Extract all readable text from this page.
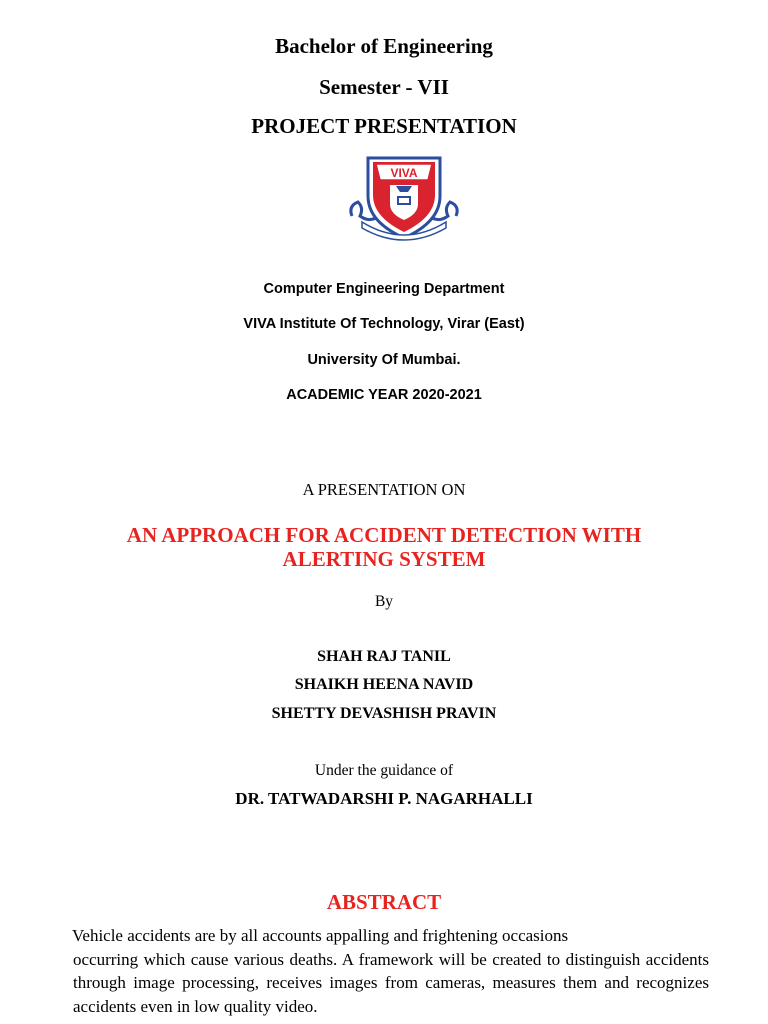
Bachelor of Engineering
Semester - VII
PROJECT PRESENTATION
VIVA
Computer Engineering Department
VIVA Institute Of Technology, Virar (East)
University Of Mumbai.
ACADEMIC YEAR 2020-2021
A PRESENTATION ON
AN APPROACH FOR ACCIDENT DETECTION WITH
ALERTING SYSTEM
By
SHAH RAJ TANIL
SHAIKH HEENA NAVID
SHETTY DEVASHISH PRAVIN
Under the guidance of
DR. TATWADARSHI P. NAGARHALLI
ABSTRACT
Vehicle accidents are by all accounts appalling and frightening occasions
occurring which cause various deaths. A framework will be created to distinguish accidents through image processing, receives images from cameras, measures them and recognizes accidents even in low quality video.
